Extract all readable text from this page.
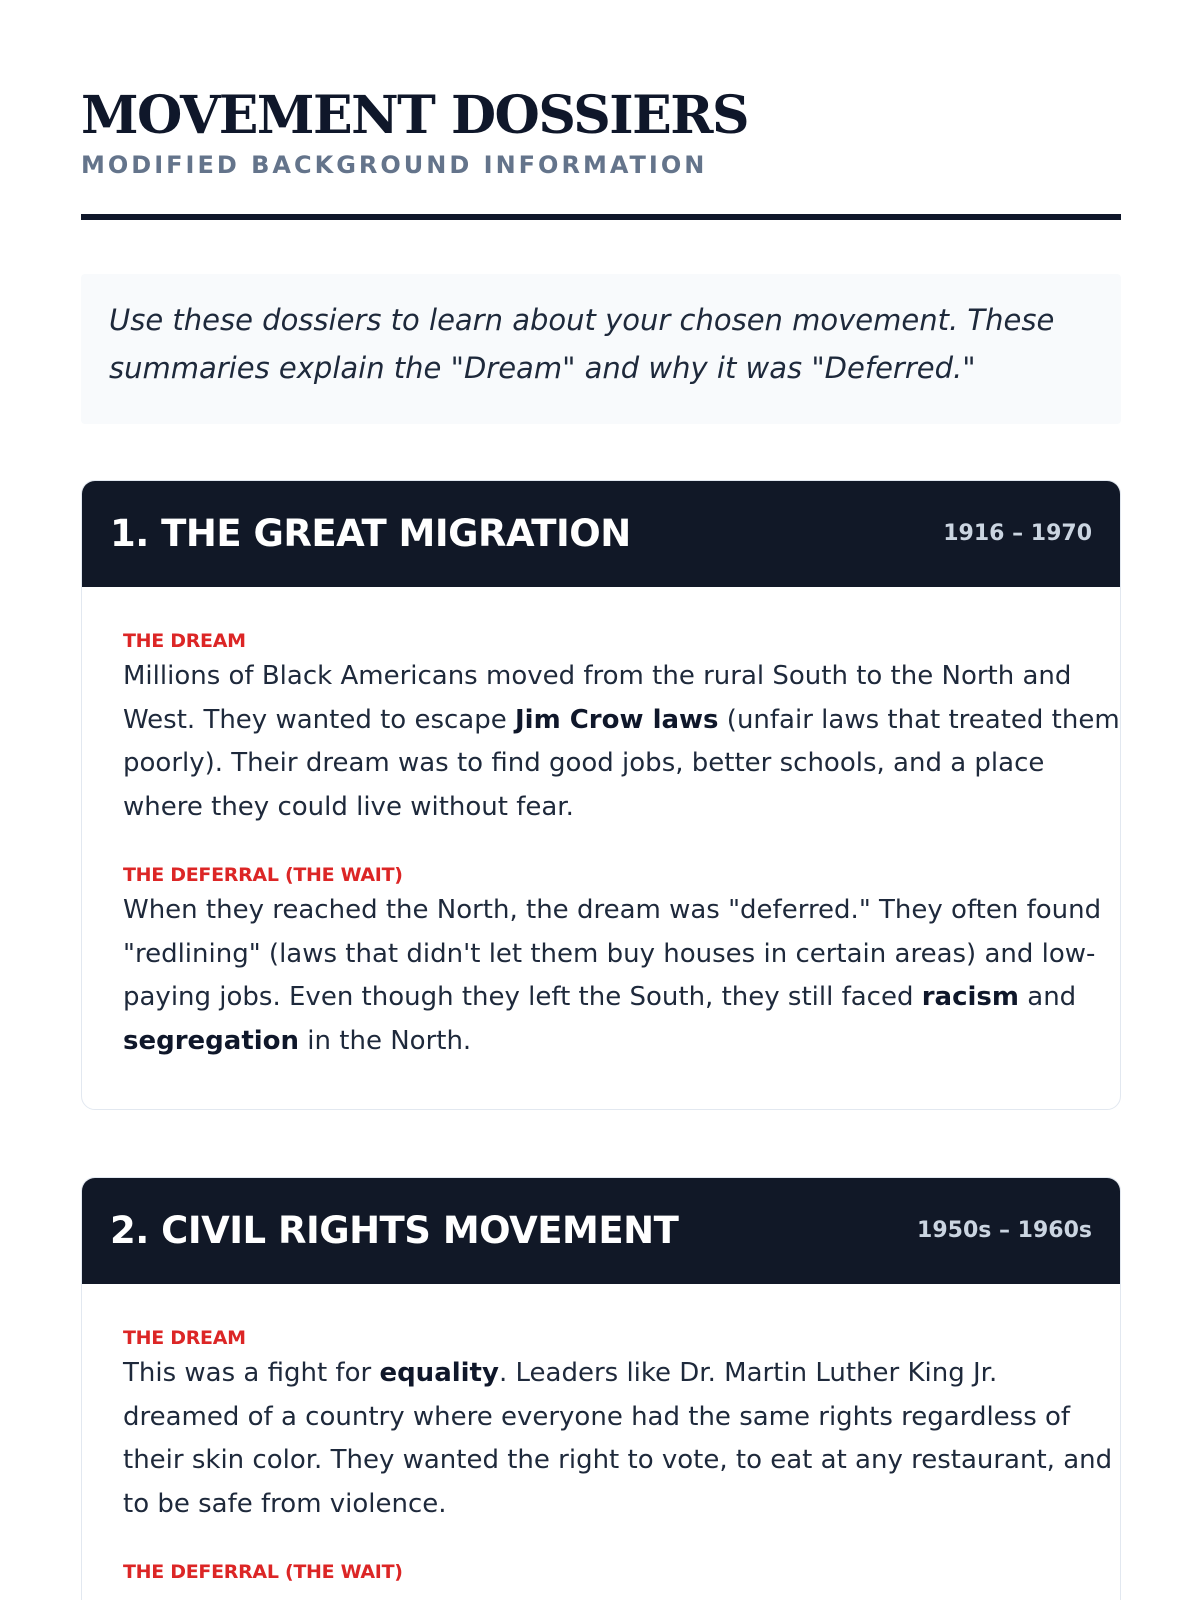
MOVEMENT DOSSIERS
MODIFIED BACKGROUND INFORMATION

Use these dossiers to learn about your chosen movement. These
summaries explain the "Dream" and why it was "Deferred."

1. THE GREAT MIGRATION	1916 – 1970
THE DREAM

Millions of Black Americans moved from the rural South to the North and
West. They wanted to escape Jim Crow laws (unfair laws that treated them
poorly). Their dream was to find good jobs, better schools, and a place
where they could live without fear.

THE DEFERRAL (THE WAIT)

When they reached the North, the dream was "deferred." They often found
"redlining" (laws that didn't let them buy houses in certain areas) and low-
paying jobs. Even though they left the South, they still faced racism and
segregation in the North.

2. CIVIL RIGHTS MOVEMENT	1950s – 1960s
THE DREAM

This was a fight for equality. Leaders like Dr. Martin Luther King Jr.
dreamed of a country where everyone had the same rights regardless of
their skin color. They wanted the right to vote, to eat at any restaurant, and
to be safe from violence.

THE DEFERRAL (THE WAIT)
